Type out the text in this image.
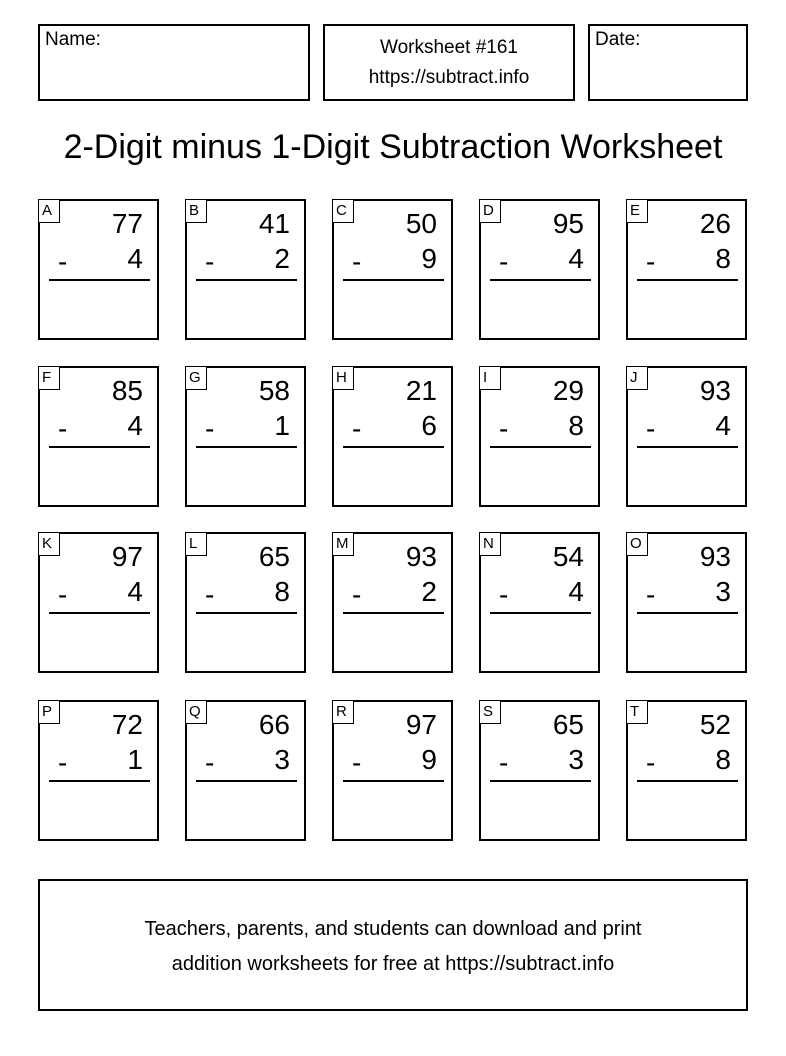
Name:	Worksheet #161
https://subtract.info
Date:
2-Digit minus 1-Digit Subtraction Worksheet
A 77
- 4
B 41
- 2
C 50
- 9
D 95
- 4
E 26
- 8
F	85
- 4
G 58
- 1
H 21
- 6
I	29
- 8
J	93
- 4
K 97
- 4
L	65
- 8
M 93
- 2
N 54
- 4
O 93
- 3
P 72
- 1
Q 66
- 3
R 97
- 9
S 65
- 3
T	52
- 8
Teachers, parents, and students can download and print
addition worksheets for free at https://subtract.info
